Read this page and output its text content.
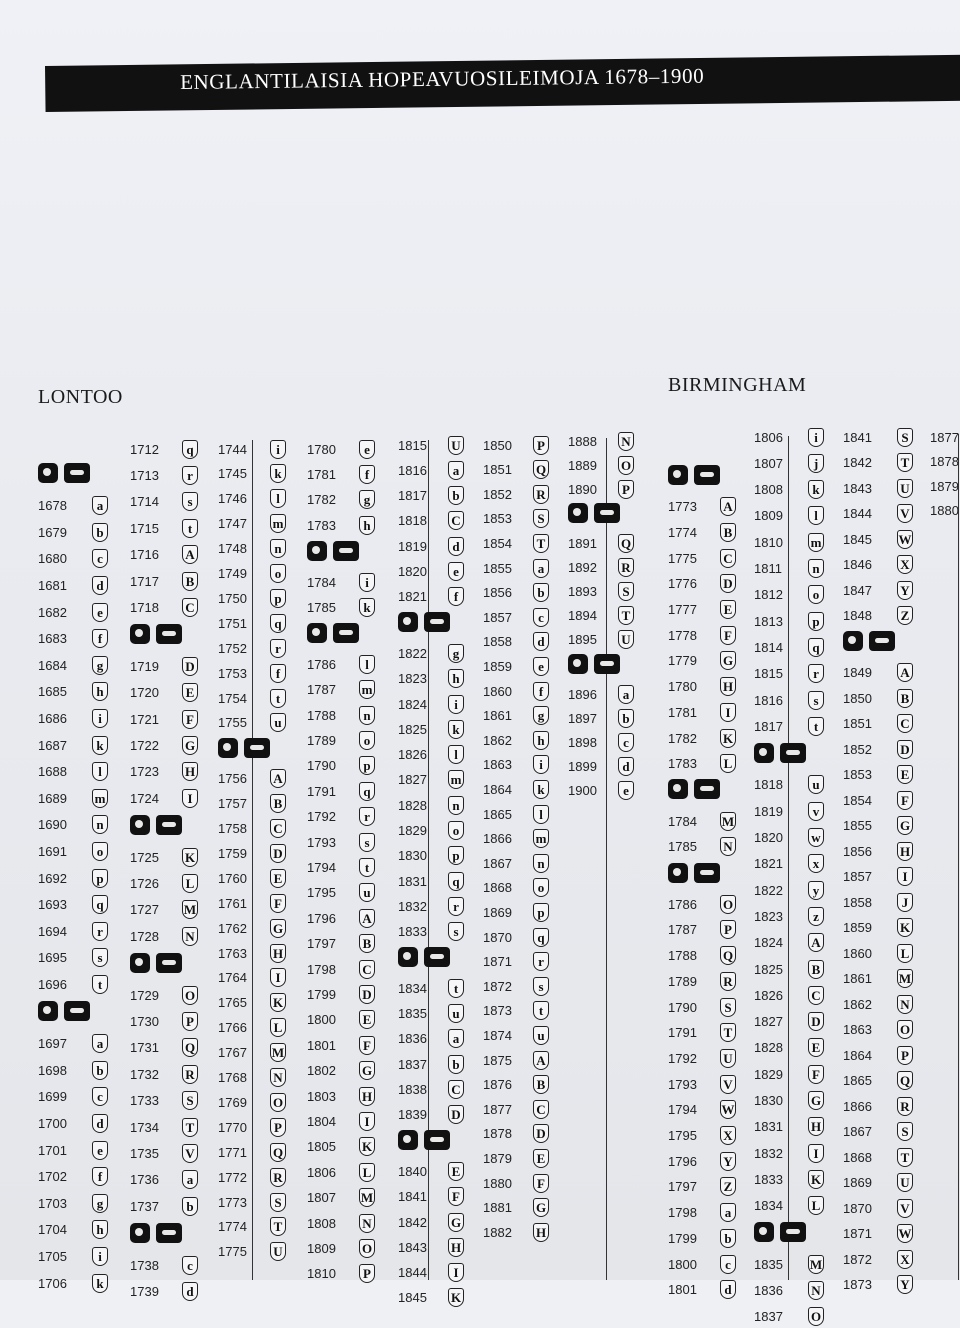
ENGLANTILAISIA HOPEAVUOSILEIMOJA 1678–1900
LONTOO
BIRMINGHAM
1678	a
1679	b
1680	c
1681	d
1682	e
1683	f
1684	g
1685	h
1686	i
1687	k
1688	l
1689	m
1690	n
1691	o
1692	p
1693	q
1694	r
1695	s
1696	t
1697	a
1698	b
1699	c
1700	d
1701	e
1702	f
1703	g
1704	h
1705	i
1706	k
1712	q
1713	r
1714	s
1715	t
1716	A
1717	B
1718	C
1719	D
1720	E
1721	F
1722	G
1723	H
1724	I
1725	K
1726	L
1727	M
1728	N
1729	O
1730	P
1731	Q
1732	R
1733	S
1734	T
1735	V
1736	a
1737	b
1738	c
1739	d
1744	i
1745	k
1746	l
1747	m
1748	n
1749	o
1750	p
1751	q
1752	r
1753	f
1754	t
1755	u
1756	A
1757	B
1758	C
1759	D
1760	E
1761	F
1762	G
1763	H
1764	I
1765	K
1766	L
1767	M
1768	N
1769	O
1770	P
1771	Q
1772	R
1773	S
1774	T
1775	U
1780	e
1781	f
1782	g
1783	h
1784	i
1785	k
1786	l
1787	m
1788	n
1789	o
1790	p
1791	q
1792	r
1793	s
1794	t
1795	u
1796	A
1797	B
1798	C
1799	D
1800	E
1801	F
1802	G
1803	H
1804	I
1805	K
1806	L
1807	M
1808	N
1809	O
1810	P
1815	U
1816	a
1817	b
1818	C
1819	d
1820	e
1821	f
1822	g
1823	h
1824	i
1825	k
1826	l
1827	m
1828	n
1829	o
1830	p
1831	q
1832	r
1833	s
1834	t
1835	u
1836	a
1837	b
1838	C
1839	D
1840	E
1841	F
1842	G
1843	H
1844	I
1845	K
1850	P
1851	Q
1852	R
1853	S
1854	T
1855	a
1856	b
1857	c
1858	d
1859	e
1860	f
1861	g
1862	h
1863	i
1864	k
1865	l
1866	m
1867	n
1868	o
1869	p
1870	q
1871	r
1872	s
1873	t
1874	u
1875	A
1876	B
1877	C
1878	D
1879	E
1880	F
1881	G
1882	H
1888	N
1889	O
1890	P
1891	Q
1892	R
1893	S
1894	T
1895	U
1896	a
1897	b
1898	c
1899	d
1900	e
1773	A
1774	B
1775	C
1776	D
1777	E
1778	F
1779	G
1780	H
1781	I
1782	K
1783	L
1784	M
1785	N
1786	O
1787	P
1788	Q
1789	R
1790	S
1791	T
1792	U
1793	V
1794	W
1795	X
1796	Y
1797	Z
1798	a
1799	b
1800	c
1801	d
1806	i
1807	j
1808	k
1809	l
1810	m
1811	n
1812	o
1813	p
1814	q
1815	r
1816	s
1817	t
1818	u
1819	v
1820	w
1821	x
1822	y
1823	z
1824	A
1825	B
1826	C
1827	D
1828	E
1829	F
1830	G
1831	H
1832	I
1833	K
1834	L
1835	M
1836	N
1837	O
1841	S
1842	T
1843	U
1844	V
1845	W
1846	X
1847	Y
1848	Z
1849	A
1850	B
1851	C
1852	D
1853	E
1854	F
1855	G
1856	H
1857	I
1858	J
1859	K
1860	L
1861	M
1862	N
1863	O
1864	P
1865	Q
1866	R
1867	S
1868	T
1869	U
1870	V
1871	W
1872	X
1873	Y
1877
1878
1879
1880
